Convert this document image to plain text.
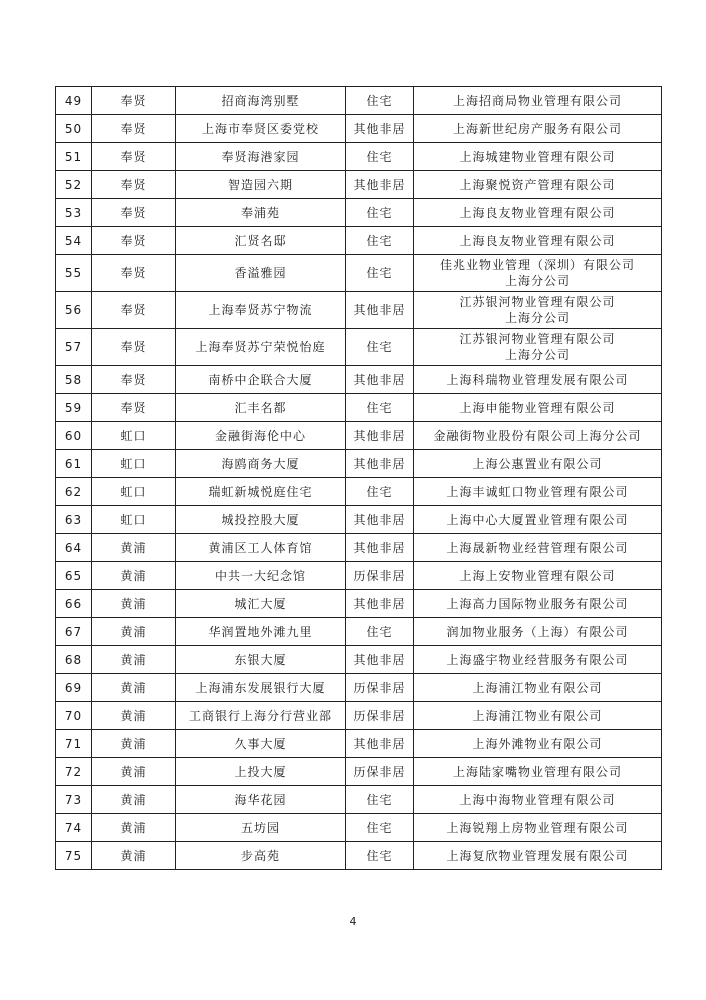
49	奉贤	招商海湾别墅	住宅	上海招商局物业管理有限公司
50	奉贤	上海市奉贤区委党校	其他非居	上海新世纪房产服务有限公司
51	奉贤	奉贤海港家园	住宅	上海城建物业管理有限公司
52	奉贤	智造园六期	其他非居	上海聚悦资产管理有限公司
53	奉贤	奉浦苑	住宅	上海良友物业管理有限公司
54	奉贤	汇贤名邸	住宅	上海良友物业管理有限公司
55	奉贤	香溢雅园	住宅	佳兆业物业管理（深圳）有限公司
上海分公司
56	奉贤	上海奉贤苏宁物流	其他非居	江苏银河物业管理有限公司
上海分公司
57	奉贤	上海奉贤苏宁荣悦怡庭	住宅	江苏银河物业管理有限公司
上海分公司
58	奉贤	南桥中企联合大厦	其他非居	上海科瑞物业管理发展有限公司
59	奉贤	汇丰名都	住宅	上海申能物业管理有限公司
60	虹口	金融街海伦中心	其他非居	金融街物业股份有限公司上海分公司
61	虹口	海鸥商务大厦	其他非居	上海公惠置业有限公司
62	虹口	瑞虹新城悦庭住宅	住宅	上海丰诚虹口物业管理有限公司
63	虹口	城投控股大厦	其他非居	上海中心大厦置业管理有限公司
64	黄浦	黄浦区工人体育馆	其他非居	上海晟新物业经营管理有限公司
65	黄浦	中共一大纪念馆	历保非居	上海上安物业管理有限公司
66	黄浦	城汇大厦	其他非居	上海高力国际物业服务有限公司
67	黄浦	华润置地外滩九里	住宅	润加物业服务（上海）有限公司
68	黄浦	东银大厦	其他非居	上海盛宇物业经营服务有限公司
69	黄浦	上海浦东发展银行大厦	历保非居	上海浦江物业有限公司
70	黄浦	工商银行上海分行营业部	历保非居	上海浦江物业有限公司
71	黄浦	久事大厦	其他非居	上海外滩物业有限公司
72	黄浦	上投大厦	历保非居	上海陆家嘴物业管理有限公司
73	黄浦	海华花园	住宅	上海中海物业管理有限公司
74	黄浦	五坊园	住宅	上海锐翔上房物业管理有限公司
75	黄浦	步高苑	住宅	上海复欣物业管理发展有限公司
4
